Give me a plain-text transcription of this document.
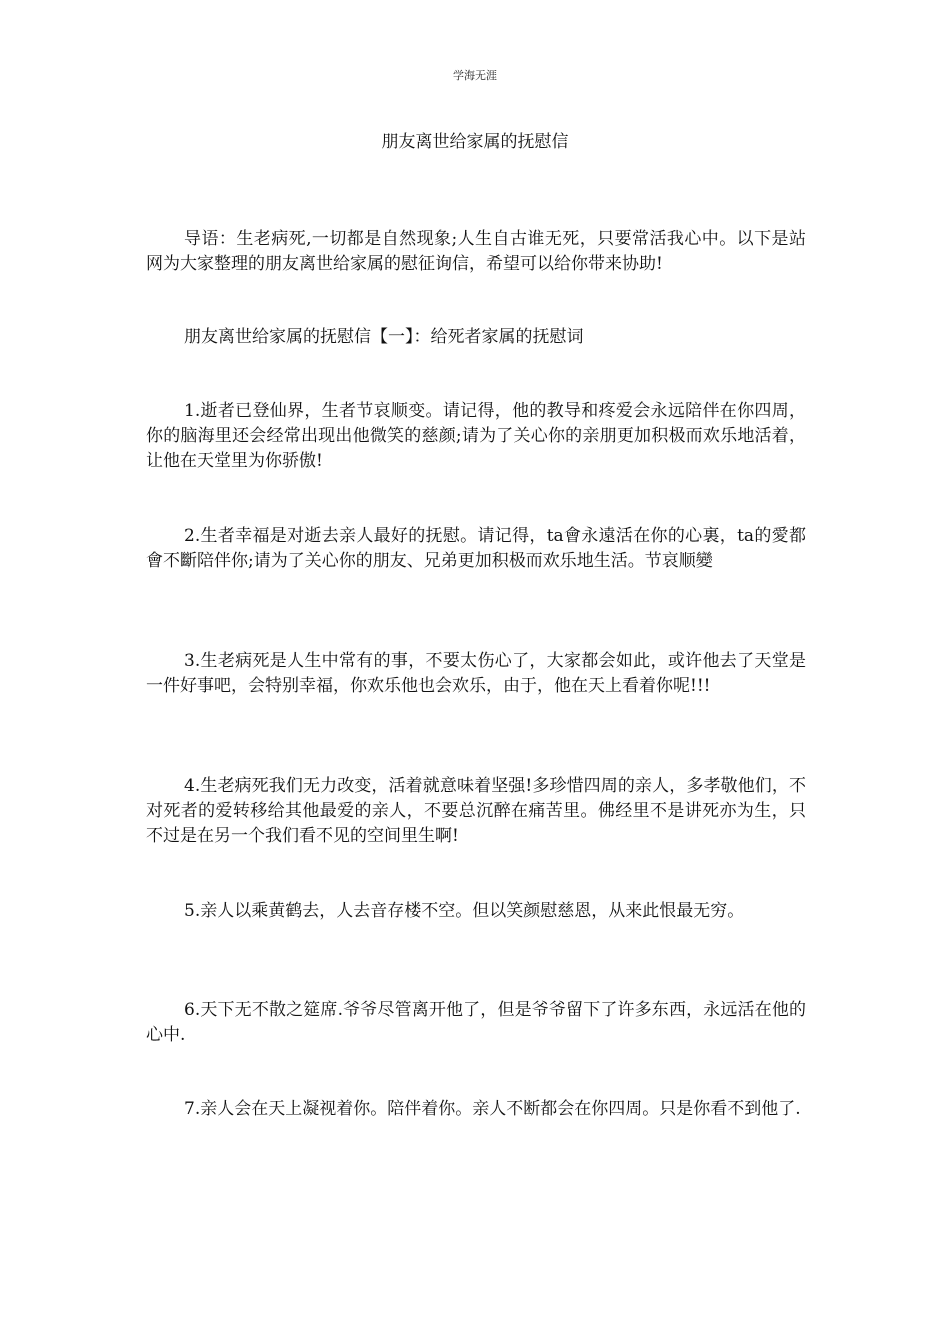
学海无涯
朋友离世给家属的抚慰信

导语：生老病死,一切都是自然现象;人生自古谁无死，只要常活我心中。以下是站网为大家整理的朋友离世给家属的慰征询信，希望可以给你带来协助!

朋友离世给家属的抚慰信【一】：给死者家属的抚慰词

1.逝者已登仙界，生者节哀顺变。请记得，他的教导和疼爱会永远陪伴在你四周，你的脑海里还会经常出现出他微笑的慈颜;请为了关心你的亲朋更加积极而欢乐地活着，让他在天堂里为你骄傲!

2.生者幸福是对逝去亲人最好的抚慰。请记得，ta會永遠活在你的心裏，ta的愛都會不斷陪伴你;请为了关心你的朋友、兄弟更加积极而欢乐地生活。节哀顺變

3.生老病死是人生中常有的事，不要太伤心了，大家都会如此，或许他去了天堂是一件好事吧，会特别幸福，你欢乐他也会欢乐，由于，他在天上看着你呢!!!

4.生老病死我们无力改变，活着就意味着坚强!多珍惜四周的亲人，多孝敬他们，不对死者的爱转移给其他最爱的亲人，不要总沉醉在痛苦里。佛经里不是讲死亦为生，只不过是在另一个我们看不见的空间里生啊!

5.亲人以乘黄鹤去，人去音存楼不空。但以笑颜慰慈恩，从来此恨最无穷。

6.天下无不散之筵席.爷爷尽管离开他了，但是爷爷留下了许多东西，永远活在他的心中.

7.亲人会在天上凝视着你。陪伴着你。亲人不断都会在你四周。只是你看不到他了.
